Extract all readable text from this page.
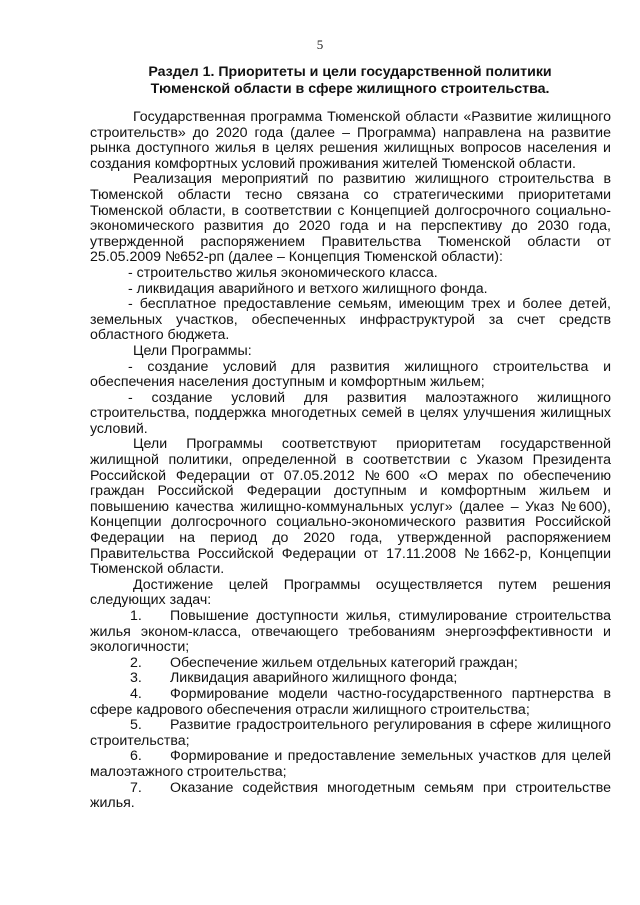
5
Раздел 1. Приоритеты и цели государственной политики
Тюменской области в сфере жилищного строительства.

Государственная программа Тюменской области «Развитие жилищного строительств» до 2020 года (далее – Программа) направлена на развитие рынка доступного жилья в целях решения жилищных вопросов населения и создания комфортных условий проживания жителей Тюменской области.

Реализация мероприятий по развитию жилищного строительства в Тюменской области тесно связана со стратегическими приоритетами Тюменской области, в соответствии с Концепцией долгосрочного социально-экономического развития до 2020 года и на перспективу до 2030 года, утвержденной распоряжением Правительства Тюменской области от 25.05.2009 №652-рп (далее – Концепция Тюменской области):

- строительство жилья экономического класса.

- ликвидация аварийного и ветхого жилищного фонда.

- бесплатное предоставление семьям, имеющим трех и более детей, земельных участков, обеспеченных инфраструктурой за счет средств областного бюджета.

Цели Программы:

- создание условий для развития жилищного строительства и обеспечения населения доступным и комфортным жильем;

- создание условий для развития малоэтажного жилищного строительства, поддержка многодетных семей в целях улучшения жилищных условий.

Цели Программы соответствуют приоритетам государственной жилищной политики, определенной в соответствии с Указом Президента Российской Федерации от 07.05.2012 №600 «О мерах по обеспечению граждан Российской Федерации доступным и комфортным жильем и повышению качества жилищно-коммунальных услуг» (далее – Указ №600), Концепции долгосрочного социально-экономического развития Российской Федерации на период до 2020 года, утвержденной распоряжением Правительства Российской Федерации от 17.11.2008 №1662-р, Концепции Тюменской области.

Достижение целей Программы осуществляется путем решения следующих задач:

1. Повышение доступности жилья, стимулирование строительства жилья эконом-класса, отвечающего требованиям энергоэффективности и экологичности;

2. Обеспечение жильем отдельных категорий граждан;

3. Ликвидация аварийного жилищного фонда;

4. Формирование модели частно-государственного партнерства в сфере кадрового обеспечения отрасли жилищного строительства;

5. Развитие градостроительного регулирования в сфере жилищного строительства;

6. Формирование и предоставление земельных участков для целей малоэтажного строительства;

7. Оказание содействия многодетным семьям при строительстве жилья.
